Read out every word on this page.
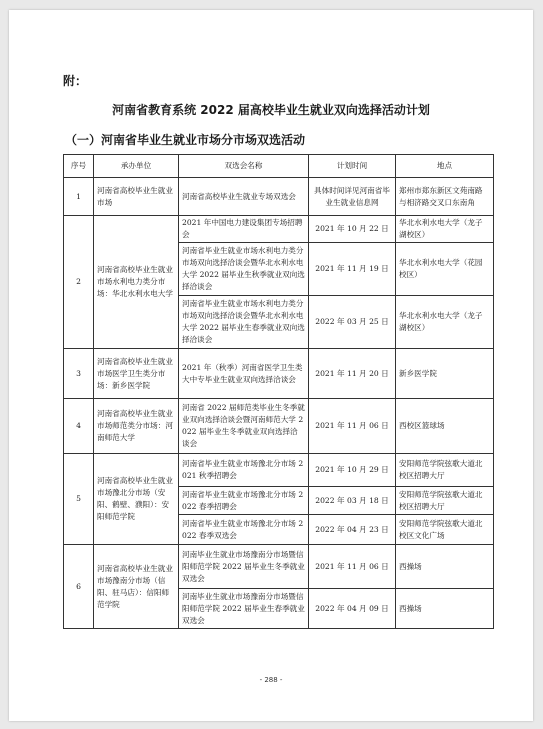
附：
河南省教育系统 2022 届高校毕业生就业双向选择活动计划
（一）河南省毕业生就业市场分市场双选活动
序号	承办单位	双选会名称	计划时间	地点
1	河南省高校毕业生就业市场	河南省高校毕业生就业专场双选会	具体时间详见河南省毕业生就业信息网	郑州市郑东新区文苑南路与相济路交叉口东南角
2	河南省高校毕业生就业市场水利电力类分市场：华北水利水电大学	2021 年中国电力建设集团专场招聘会	2021 年 10 月 22 日	华北水利水电大学（龙子湖校区）
		河南省毕业生就业市场水利电力类分市场双向选择洽谈会暨华北水利水电大学 2022 届毕业生秋季就业双向选择洽谈会	2021 年 11 月 19 日	华北水利水电大学（花园校区）
		河南省毕业生就业市场水利电力类分市场双向选择洽谈会暨华北水利水电大学 2022 届毕业生春季就业双向选择洽谈会	2022 年 03 月 25 日	华北水利水电大学（龙子湖校区）
3	河南省高校毕业生就业市场医学卫生类分市场：新乡医学院	2021 年（秋季）河南省医学卫生类大中专毕业生就业双向选择洽谈会	2021 年 11 月 20 日	新乡医学院
4	河南省高校毕业生就业市场师范类分市场：河南师范大学	河南省 2022 届师范类毕业生冬季就业双向选择洽谈会暨河南师范大学 2022 届毕业生冬季就业双向选择洽谈会	2021 年 11 月 06 日	西校区篮球场
5	河南省高校毕业生就业市场豫北分市场（安阳、鹤壁、濮阳）：安阳师范学院	河南省毕业生就业市场豫北分市场 2021 秋季招聘会	2021 年 10 月 29 日	安阳师范学院弦歌大道北校区招聘大厅
		河南省毕业生就业市场豫北分市场 2022 春季招聘会	2022 年 03 月 18 日	安阳师范学院弦歌大道北校区招聘大厅
		河南省毕业生就业市场豫北分市场 2022 春季双选会	2022 年 04 月 23 日	安阳师范学院弦歌大道北校区文化广场
6	河南省高校毕业生就业市场豫南分市场（信阳、驻马店）：信阳师范学院	河南毕业生就业市场豫南分市场暨信阳师范学院 2022 届毕业生冬季就业双选会	2021 年 11 月 06 日	西操场
		河南毕业生就业市场豫南分市场暨信阳师范学院 2022 届毕业生春季就业双选会	2022 年 04 月 09 日	西操场
- 288 -
